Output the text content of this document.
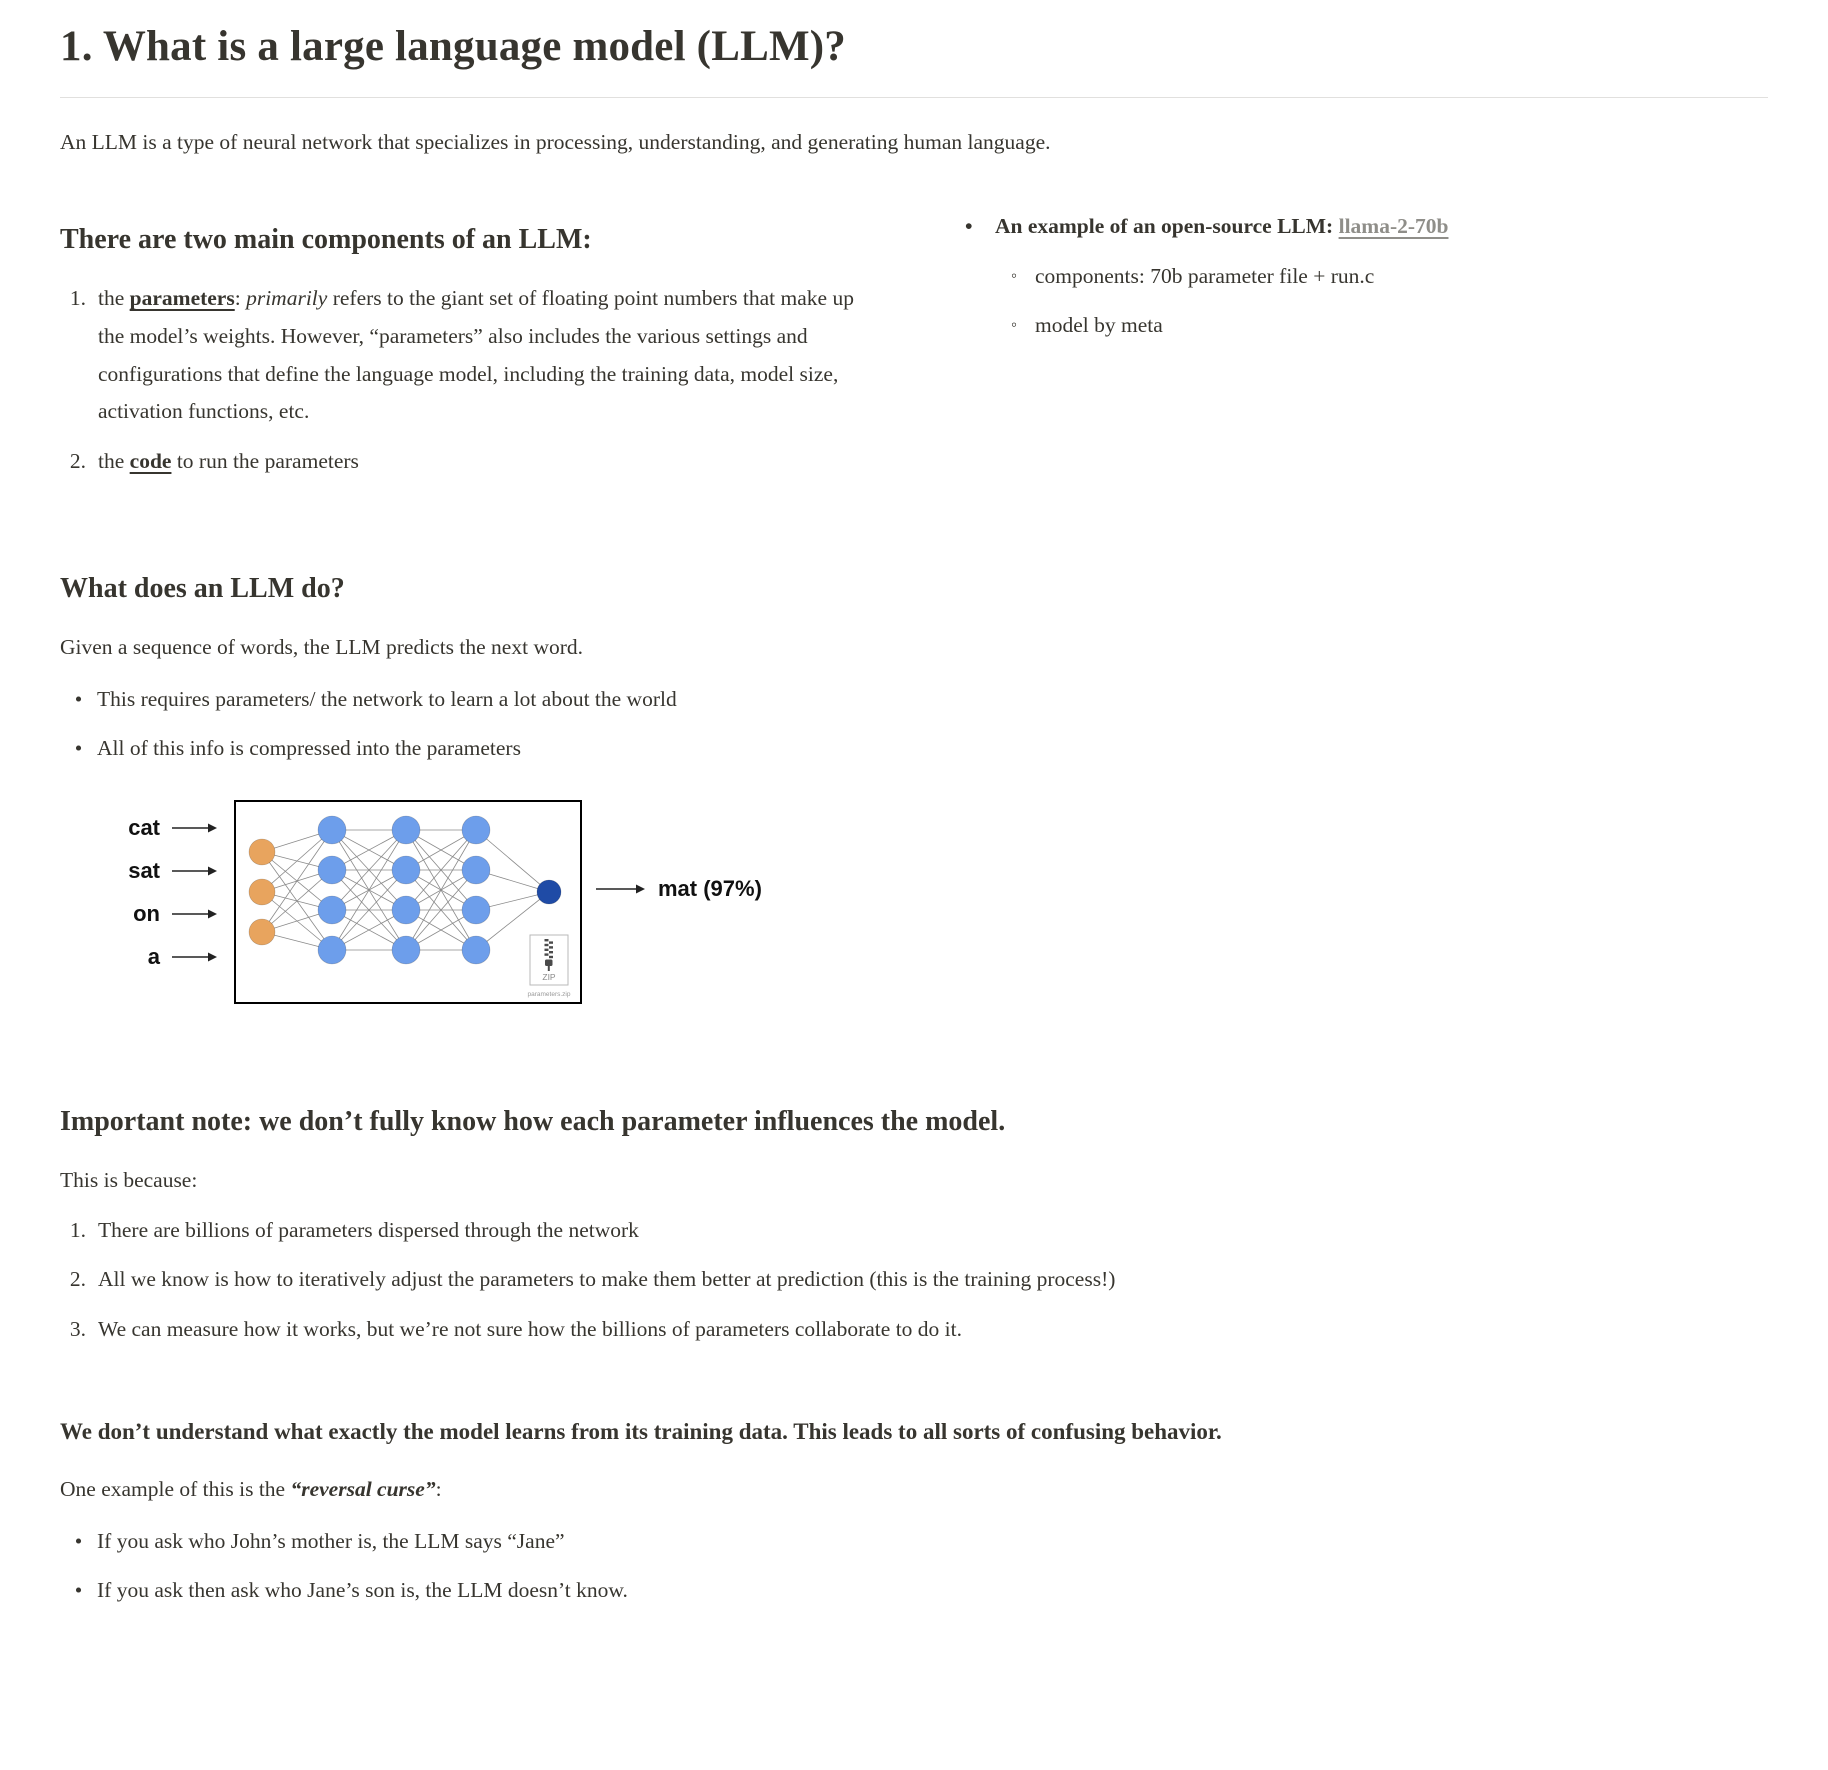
1. What is a large language model (LLM)?
An LLM is a type of neural network that specializes in processing, understanding, and generating human language.
There are two main components of an LLM:
1. the parameters: primarily refers to the giant set of floating point numbers that make up the model’s weights. However, “parameters” also includes the various settings and configurations that define the language model, including the training data, model size, activation functions, etc.
2. the code to run the parameters
•	An example of an open-source LLM: llama-2-70b
◦ components: 70b parameter file + run.c
◦ model by meta
What does an LLM do?
Given a sequence of words, the LLM predicts the next word.
• This requires parameters/ the network to learn a lot about the world
• All of this info is compressed into the parameters
cat
sat
on
a
ZIP
parameters.zip
mat (97%)
Important note: we don’t fully know how each parameter influences the model.
This is because:
1. There are billions of parameters dispersed through the network
2. All we know is how to iteratively adjust the parameters to make them better at prediction (this is the training process!)
3. We can measure how it works, but we’re not sure how the billions of parameters collaborate to do it.
We don’t understand what exactly the model learns from its training data. This leads to all sorts of confusing behavior.
One example of this is the “reversal curse”:
• If you ask who John’s mother is, the LLM says “Jane”
• If you ask then ask who Jane’s son is, the LLM doesn’t know.
